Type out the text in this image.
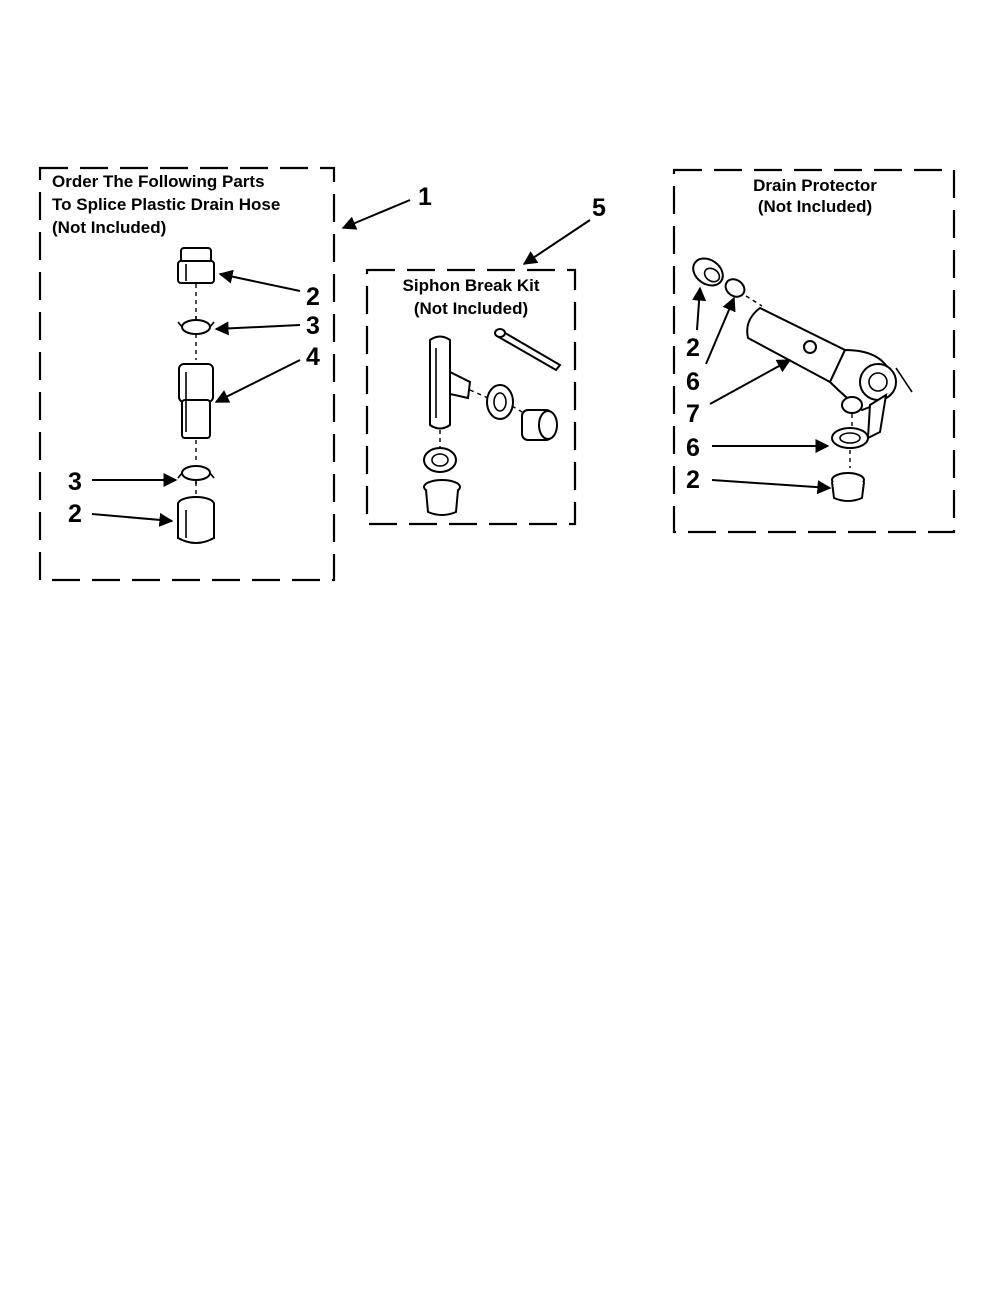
Order The Following Parts
To Splice Plastic Drain Hose
(Not Included)
1
2
3
4
3
2
Siphon Break Kit
(Not Included)
5
Drain Protector
(Not Included)
2
6
7
6
2
